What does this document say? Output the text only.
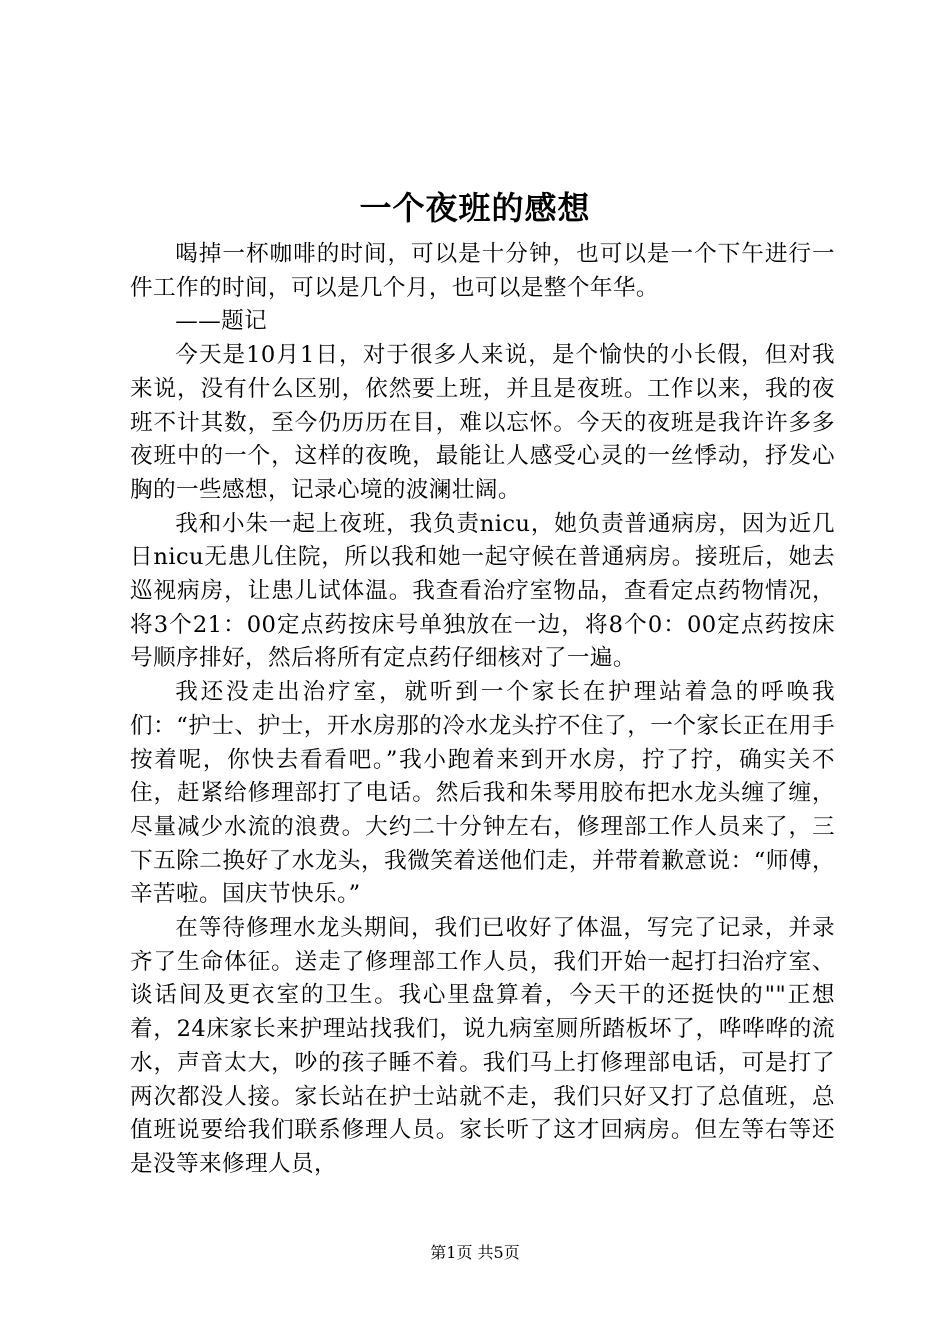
一个夜班的感想

喝掉一杯咖啡的时间，可以是十分钟，也可以是一个下午进行一件工作的时间，可以是几个月，也可以是整个年华。

——题记

今天是10月1日，对于很多人来说，是个愉快的小长假，但对我来说，没有什么区别，依然要上班，并且是夜班。工作以来，我的夜班不计其数，至今仍历历在目，难以忘怀。今天的夜班是我许许多多夜班中的一个，这样的夜晚，最能让人感受心灵的一丝悸动，抒发心胸的一些感想，记录心境的波澜壮阔。

我和小朱一起上夜班，我负责nicu，她负责普通病房，因为近几日nicu无患儿住院，所以我和她一起守候在普通病房。接班后，她去巡视病房，让患儿试体温。我查看治疗室物品，查看定点药物情况，将3个21：00定点药按床号单独放在一边，将8个0：00定点药按床号顺序排好，然后将所有定点药仔细核对了一遍。

我还没走出治疗室，就听到一个家长在护理站着急的呼唤我们：“护士、护士，开水房那的冷水龙头拧不住了，一个家长正在用手按着呢，你快去看看吧。”我小跑着来到开水房，拧了拧，确实关不住，赶紧给修理部打了电话。然后我和朱琴用胶布把水龙头缠了缠，尽量减少水流的浪费。大约二十分钟左右，修理部工作人员来了，三下五除二换好了水龙头，我微笑着送他们走，并带着歉意说：“师傅，辛苦啦。国庆节快乐。”

在等待修理水龙头期间，我们已收好了体温，写完了记录，并录齐了生命体征。送走了修理部工作人员，我们开始一起打扫治疗室、谈话间及更衣室的卫生。我心里盘算着，今天干的还挺快的""正想着，24床家长来护理站找我们，说九病室厕所踏板坏了，哗哗哗的流水，声音太大，吵的孩子睡不着。我们马上打修理部电话，可是打了两次都没人接。家长站在护士站就不走，我们只好又打了总值班，总值班说要给我们联系修理人员。家长听了这才回病房。但左等右等还是没等来修理人员，

第1页 共5页
